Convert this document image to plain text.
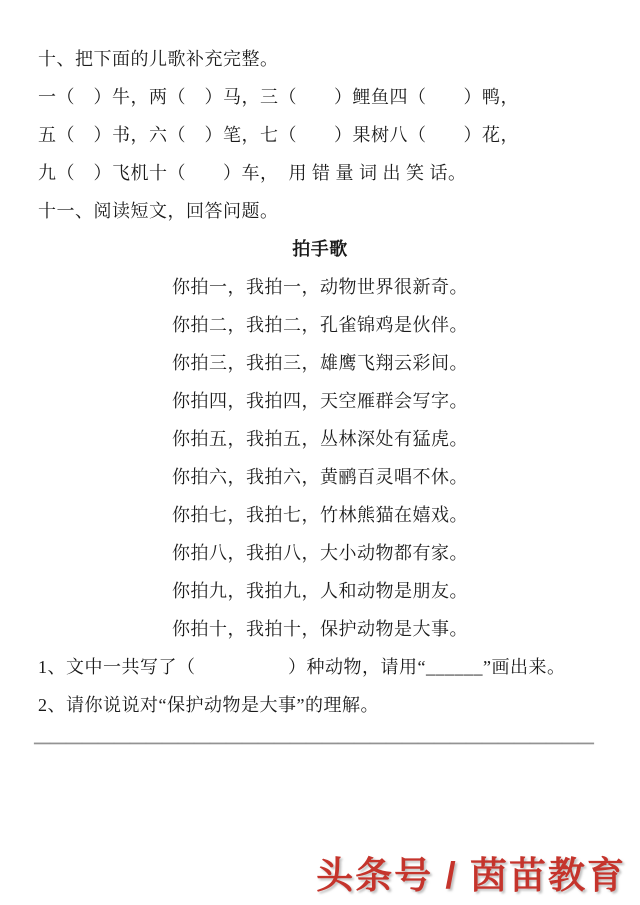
十、把下面的儿歌补充完整。
一（　）牛，两（　）马，三（　　）鲤鱼四（　　）鸭，
五（　）书，六（　）笔，七（　　）果树八（　　）花，
九（　）飞机十（　　）车，  用 错 量 词 出 笑 话。
十一、阅读短文，回答问题。
拍手歌
你拍一，我拍一，动物世界很新奇。
你拍二，我拍二，孔雀锦鸡是伙伴。
你拍三，我拍三，雄鹰飞翔云彩间。
你拍四，我拍四，天空雁群会写字。
你拍五，我拍五，丛林深处有猛虎。
你拍六，我拍六，黄鹂百灵唱不休。
你拍七，我拍七，竹林熊猫在嬉戏。
你拍八，我拍八，大小动物都有家。
你拍九，我拍九，人和动物是朋友。
你拍十，我拍十，保护动物是大事。
1、文中一共写了（　　　　　）种动物，请用“______”画出来。
2、请你说说对“保护动物是大事”的理解。
———————————————————————————————————
头条号 / 茵苗教育
